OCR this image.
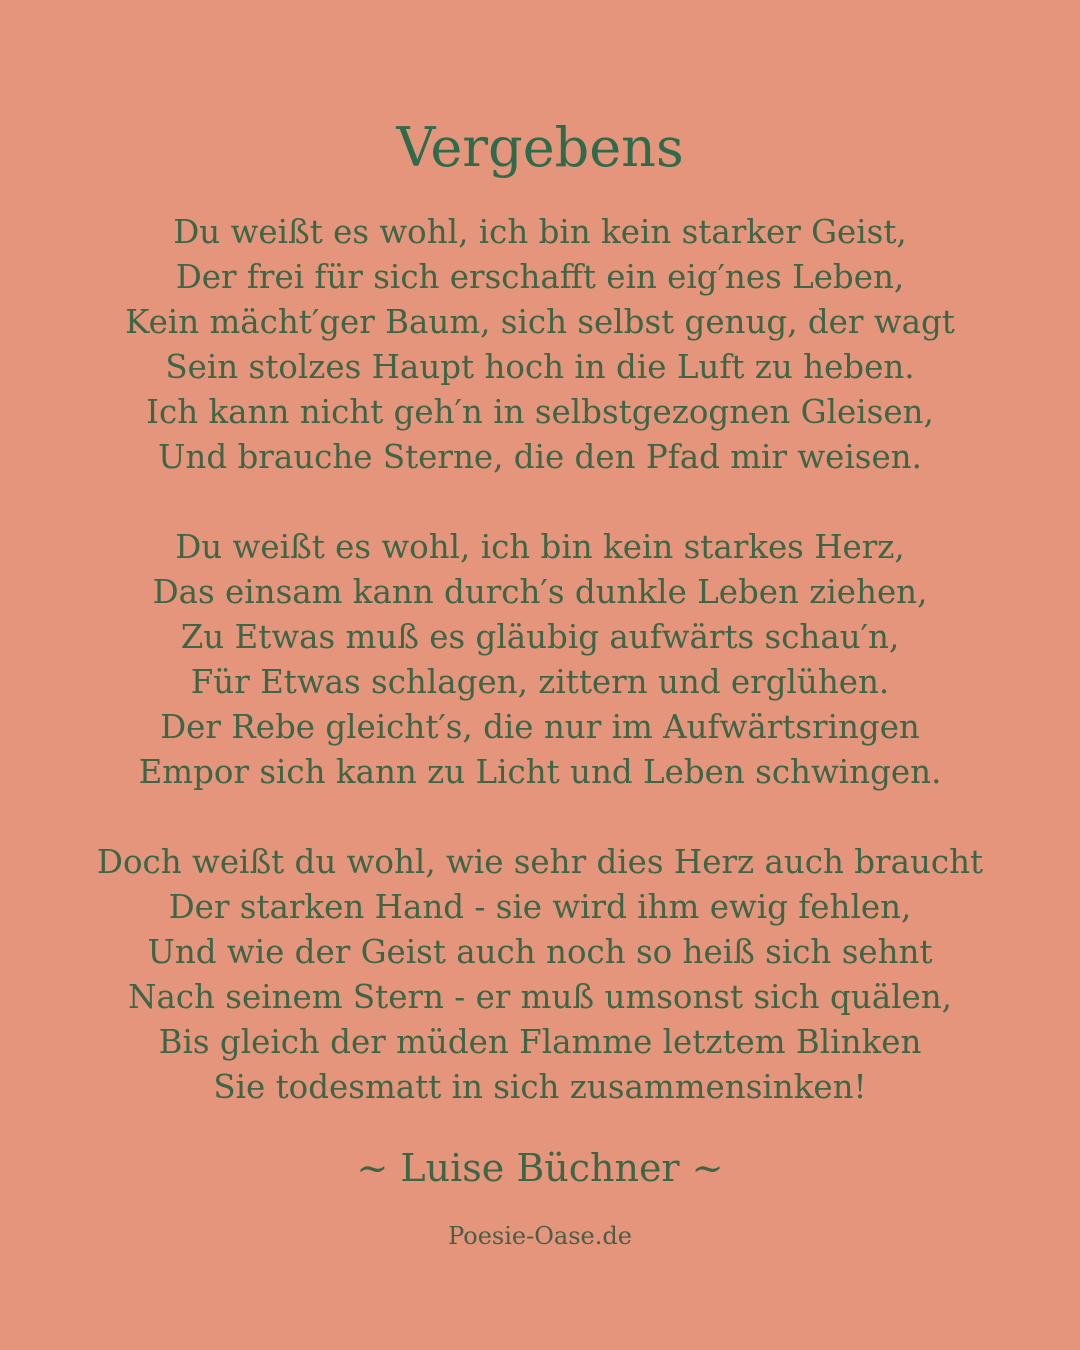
Vergebens

Du weißt es wohl, ich bin kein starker Geist,
Der frei für sich erschafft ein eig′nes Leben,
Kein mächt′ger Baum, sich selbst genug, der wagt
Sein stolzes Haupt hoch in die Luft zu heben.
Ich kann nicht geh′n in selbstgezognen Gleisen,
Und brauche Sterne, die den Pfad mir weisen.

Du weißt es wohl, ich bin kein starkes Herz,
Das einsam kann durch′s dunkle Leben ziehen,
Zu Etwas muß es gläubig aufwärts schau′n,
Für Etwas schlagen, zittern und erglühen.
Der Rebe gleicht′s, die nur im Aufwärtsringen
Empor sich kann zu Licht und Leben schwingen.

Doch weißt du wohl, wie sehr dies Herz auch braucht
Der starken Hand - sie wird ihm ewig fehlen,
Und wie der Geist auch noch so heiß sich sehnt
Nach seinem Stern - er muß umsonst sich quälen,
Bis gleich der müden Flamme letztem Blinken
Sie todesmatt in sich zusammensinken!

~ Luise Büchner ~
Poesie-Oase.de
